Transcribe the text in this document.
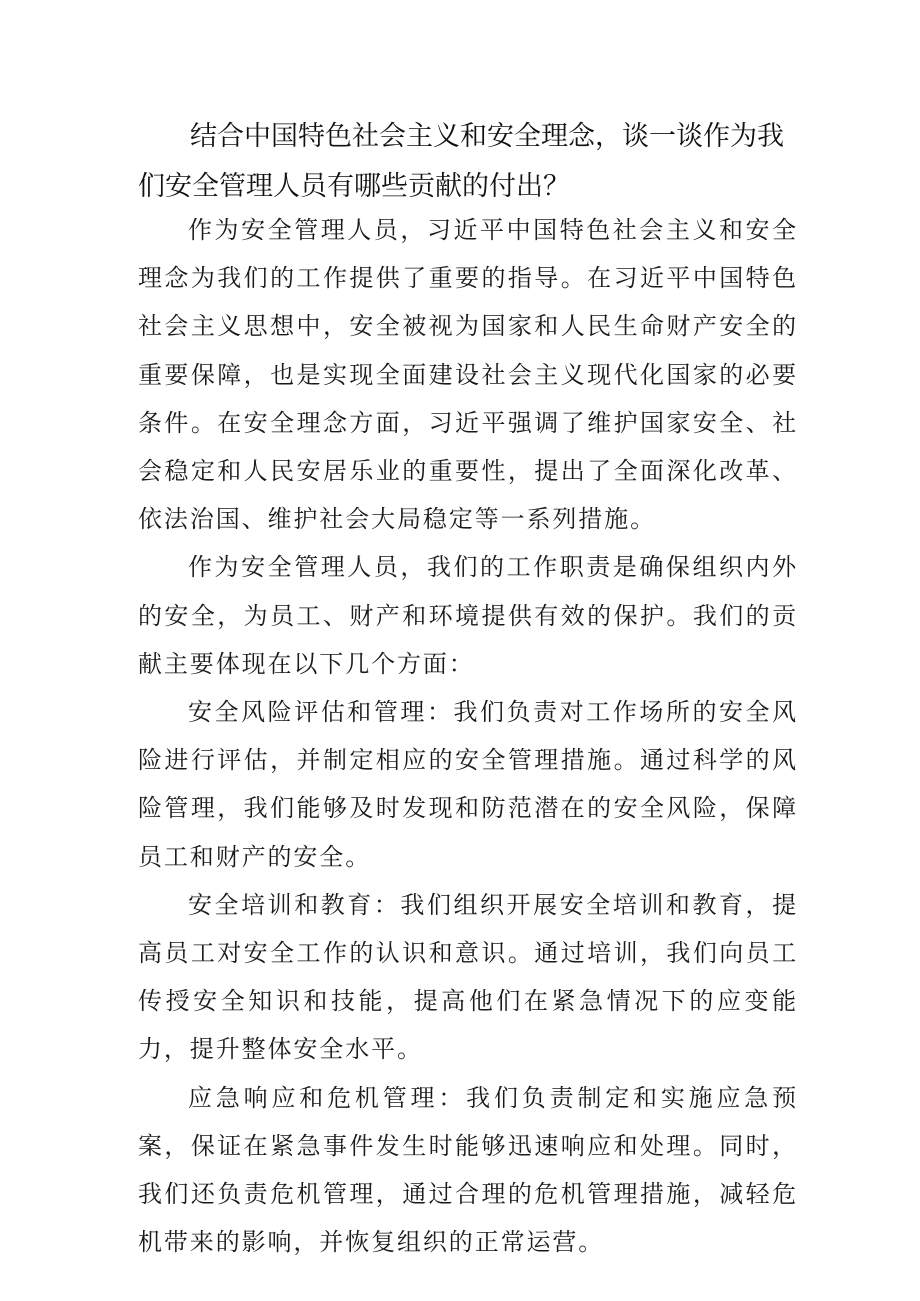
结合中国特色社会主义和安全理念，谈一谈作为我们安全管理人员有哪些贡献的付出？

作为安全管理人员，习近平中国特色社会主义和安全理念为我们的工作提供了重要的指导。在习近平中国特色社会主义思想中，安全被视为国家和人民生命财产安全的重要保障，也是实现全面建设社会主义现代化国家的必要条件。在安全理念方面，习近平强调了维护国家安全、社会稳定和人民安居乐业的重要性，提出了全面深化改革、依法治国、维护社会大局稳定等一系列措施。

作为安全管理人员，我们的工作职责是确保组织内外的安全，为员工、财产和环境提供有效的保护。我们的贡献主要体现在以下几个方面：

安全风险评估和管理：我们负责对工作场所的安全风险进行评估，并制定相应的安全管理措施。通过科学的风险管理，我们能够及时发现和防范潜在的安全风险，保障员工和财产的安全。

安全培训和教育：我们组织开展安全培训和教育，提高员工对安全工作的认识和意识。通过培训，我们向员工传授安全知识和技能，提高他们在紧急情况下的应变能力，提升整体安全水平。

应急响应和危机管理：我们负责制定和实施应急预案，保证在紧急事件发生时能够迅速响应和处理。同时，我们还负责危机管理，通过合理的危机管理措施，减轻危机带来的影响，并恢复组织的正常运营。
